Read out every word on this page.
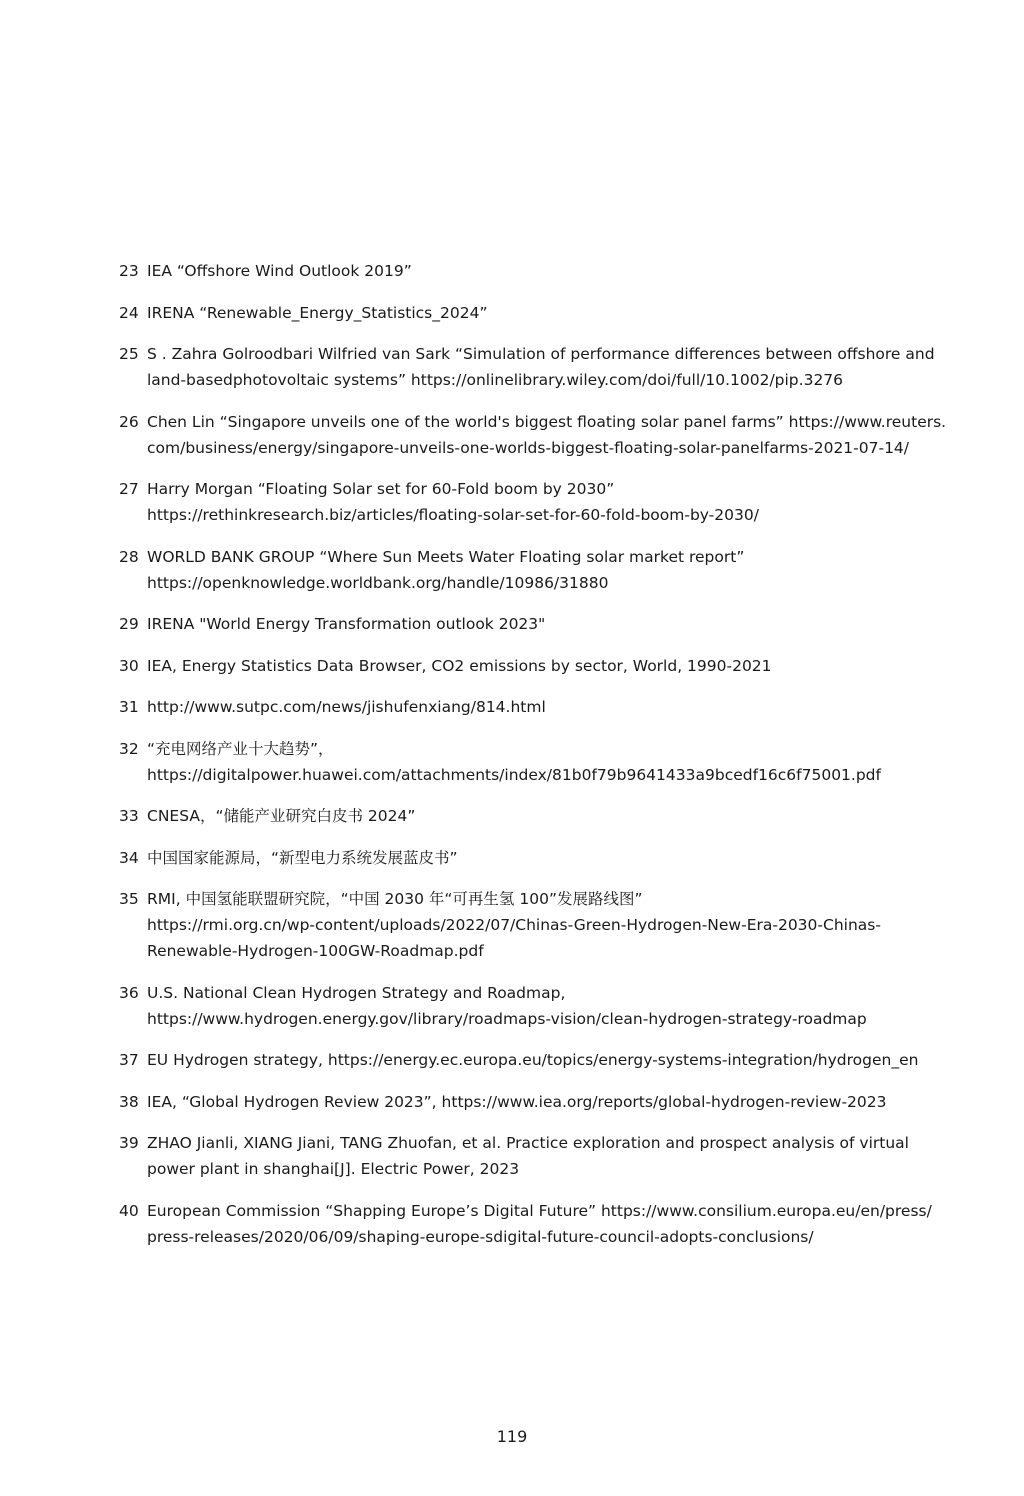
23 IEA “Offshore Wind Outlook 2019”
24 IRENA “Renewable_Energy_Statistics_2024”
25 S . Zahra Golroodbari Wilfried van Sark “Simulation of performance differences between offshore and
land-basedphotovoltaic systems” https://onlinelibrary.wiley.com/doi/full/10.1002/pip.3276
26 Chen Lin “Singapore unveils one of the world's biggest floating solar panel farms” https://www.reuters.
com/business/energy/singapore-unveils-one-worlds-biggest-floating-solar-panelfarms-2021-07-14/
27 Harry Morgan “Floating Solar set for 60-Fold boom by 2030”
https://rethinkresearch.biz/articles/floating-solar-set-for-60-fold-boom-by-2030/
28 WORLD BANK GROUP “Where Sun Meets Water Floating solar market report”
https://openknowledge.worldbank.org/handle/10986/31880
29 IRENA "World Energy Transformation outlook 2023"
30 IEA, Energy Statistics Data Browser, CO2 emissions by sector, World, 1990-2021
31 http://www.sutpc.com/news/jishufenxiang/814.html
32 “充电网络产业十大趋势”，
https://digitalpower.huawei.com/attachments/index/81b0f79b9641433a9bcedf16c6f75001.pdf
33 CNESA，“储能产业研究白皮书 2024”
34 中国国家能源局，“新型电力系统发展蓝皮书”
35 RMI, 中国氢能联盟研究院，“中国 2030 年“可再生氢 100”发展路线图”
https://rmi.org.cn/wp-content/uploads/2022/07/Chinas-Green-Hydrogen-New-Era-2030-Chinas-
Renewable-Hydrogen-100GW-Roadmap.pdf
36 U.S. National Clean Hydrogen Strategy and Roadmap,
https://www.hydrogen.energy.gov/library/roadmaps-vision/clean-hydrogen-strategy-roadmap
37 EU Hydrogen strategy, https://energy.ec.europa.eu/topics/energy-systems-integration/hydrogen_en
38 IEA, “Global Hydrogen Review 2023”, https://www.iea.org/reports/global-hydrogen-review-2023
39 ZHAO Jianli, XIANG Jiani, TANG Zhuofan, et al. Practice exploration and prospect analysis of virtual
power plant in shanghai[J]. Electric Power, 2023
40 European Commission “Shapping Europe’s Digital Future” https://www.consilium.europa.eu/en/press/
press-releases/2020/06/09/shaping-europe-sdigital-future-council-adopts-conclusions/
119
